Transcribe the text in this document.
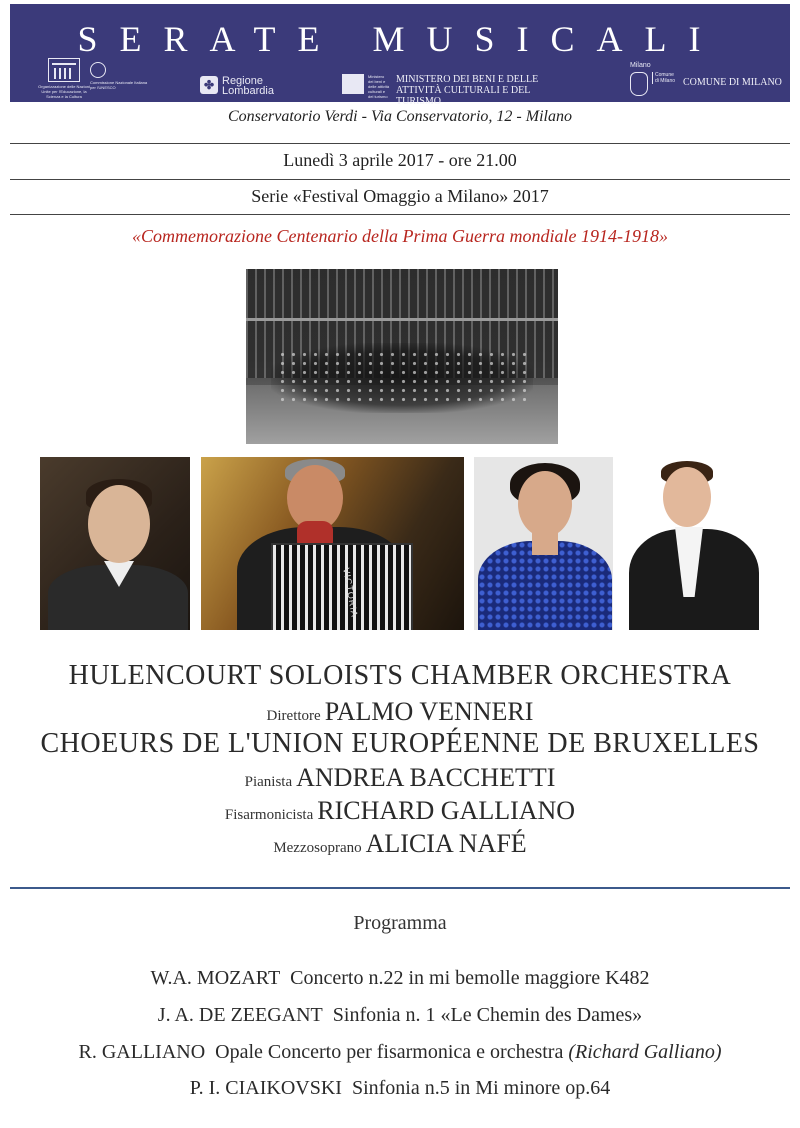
SERATE MUSICALI
Organizzazione delle Nazioni Unite per l'Educazione, la Scienza e la Cultura
Commissione Nazionale Italiana per l'UNESCO	✤ Regione Lombardia
Ministero dei beni e delle attività culturali e del turismo
MINISTERO DEI BENI E DELLE ATTIVITÀ CULTURALI E DEL TURISMO
Milano
Comune di Milano COMUNE DI MILANO
Conservatorio Verdi - Via Conservatorio, 12 - Milano
Lunedì 3 aprile 2017 - ore 21.00
Serie «Festival Omaggio a Milano» 2017
«Commemorazione Centenario della Prima Guerra mondiale 1914-1918»
VICTORIA
HULENCOURT SOLOISTS CHAMBER ORCHESTRA
Direttore PALMO VENNERI
CHOEURS DE L'UNION EUROPÉENNE DE BRUXELLES
Pianista ANDREA BACCHETTI
Fisarmonicista RICHARD GALLIANO
Mezzosoprano ALICIA NAFÉ
Programma
W.A. MOZART Concerto n.22 in mi bemolle maggiore K482
J. A. DE ZEEGANT Sinfonia n. 1 «Le Chemin des Dames»
R. GALLIANO Opale Concerto per fisarmonica e orchestra (Richard Galliano)
P. I. CIAIKOVSKI Sinfonia n.5 in Mi minore op.64
